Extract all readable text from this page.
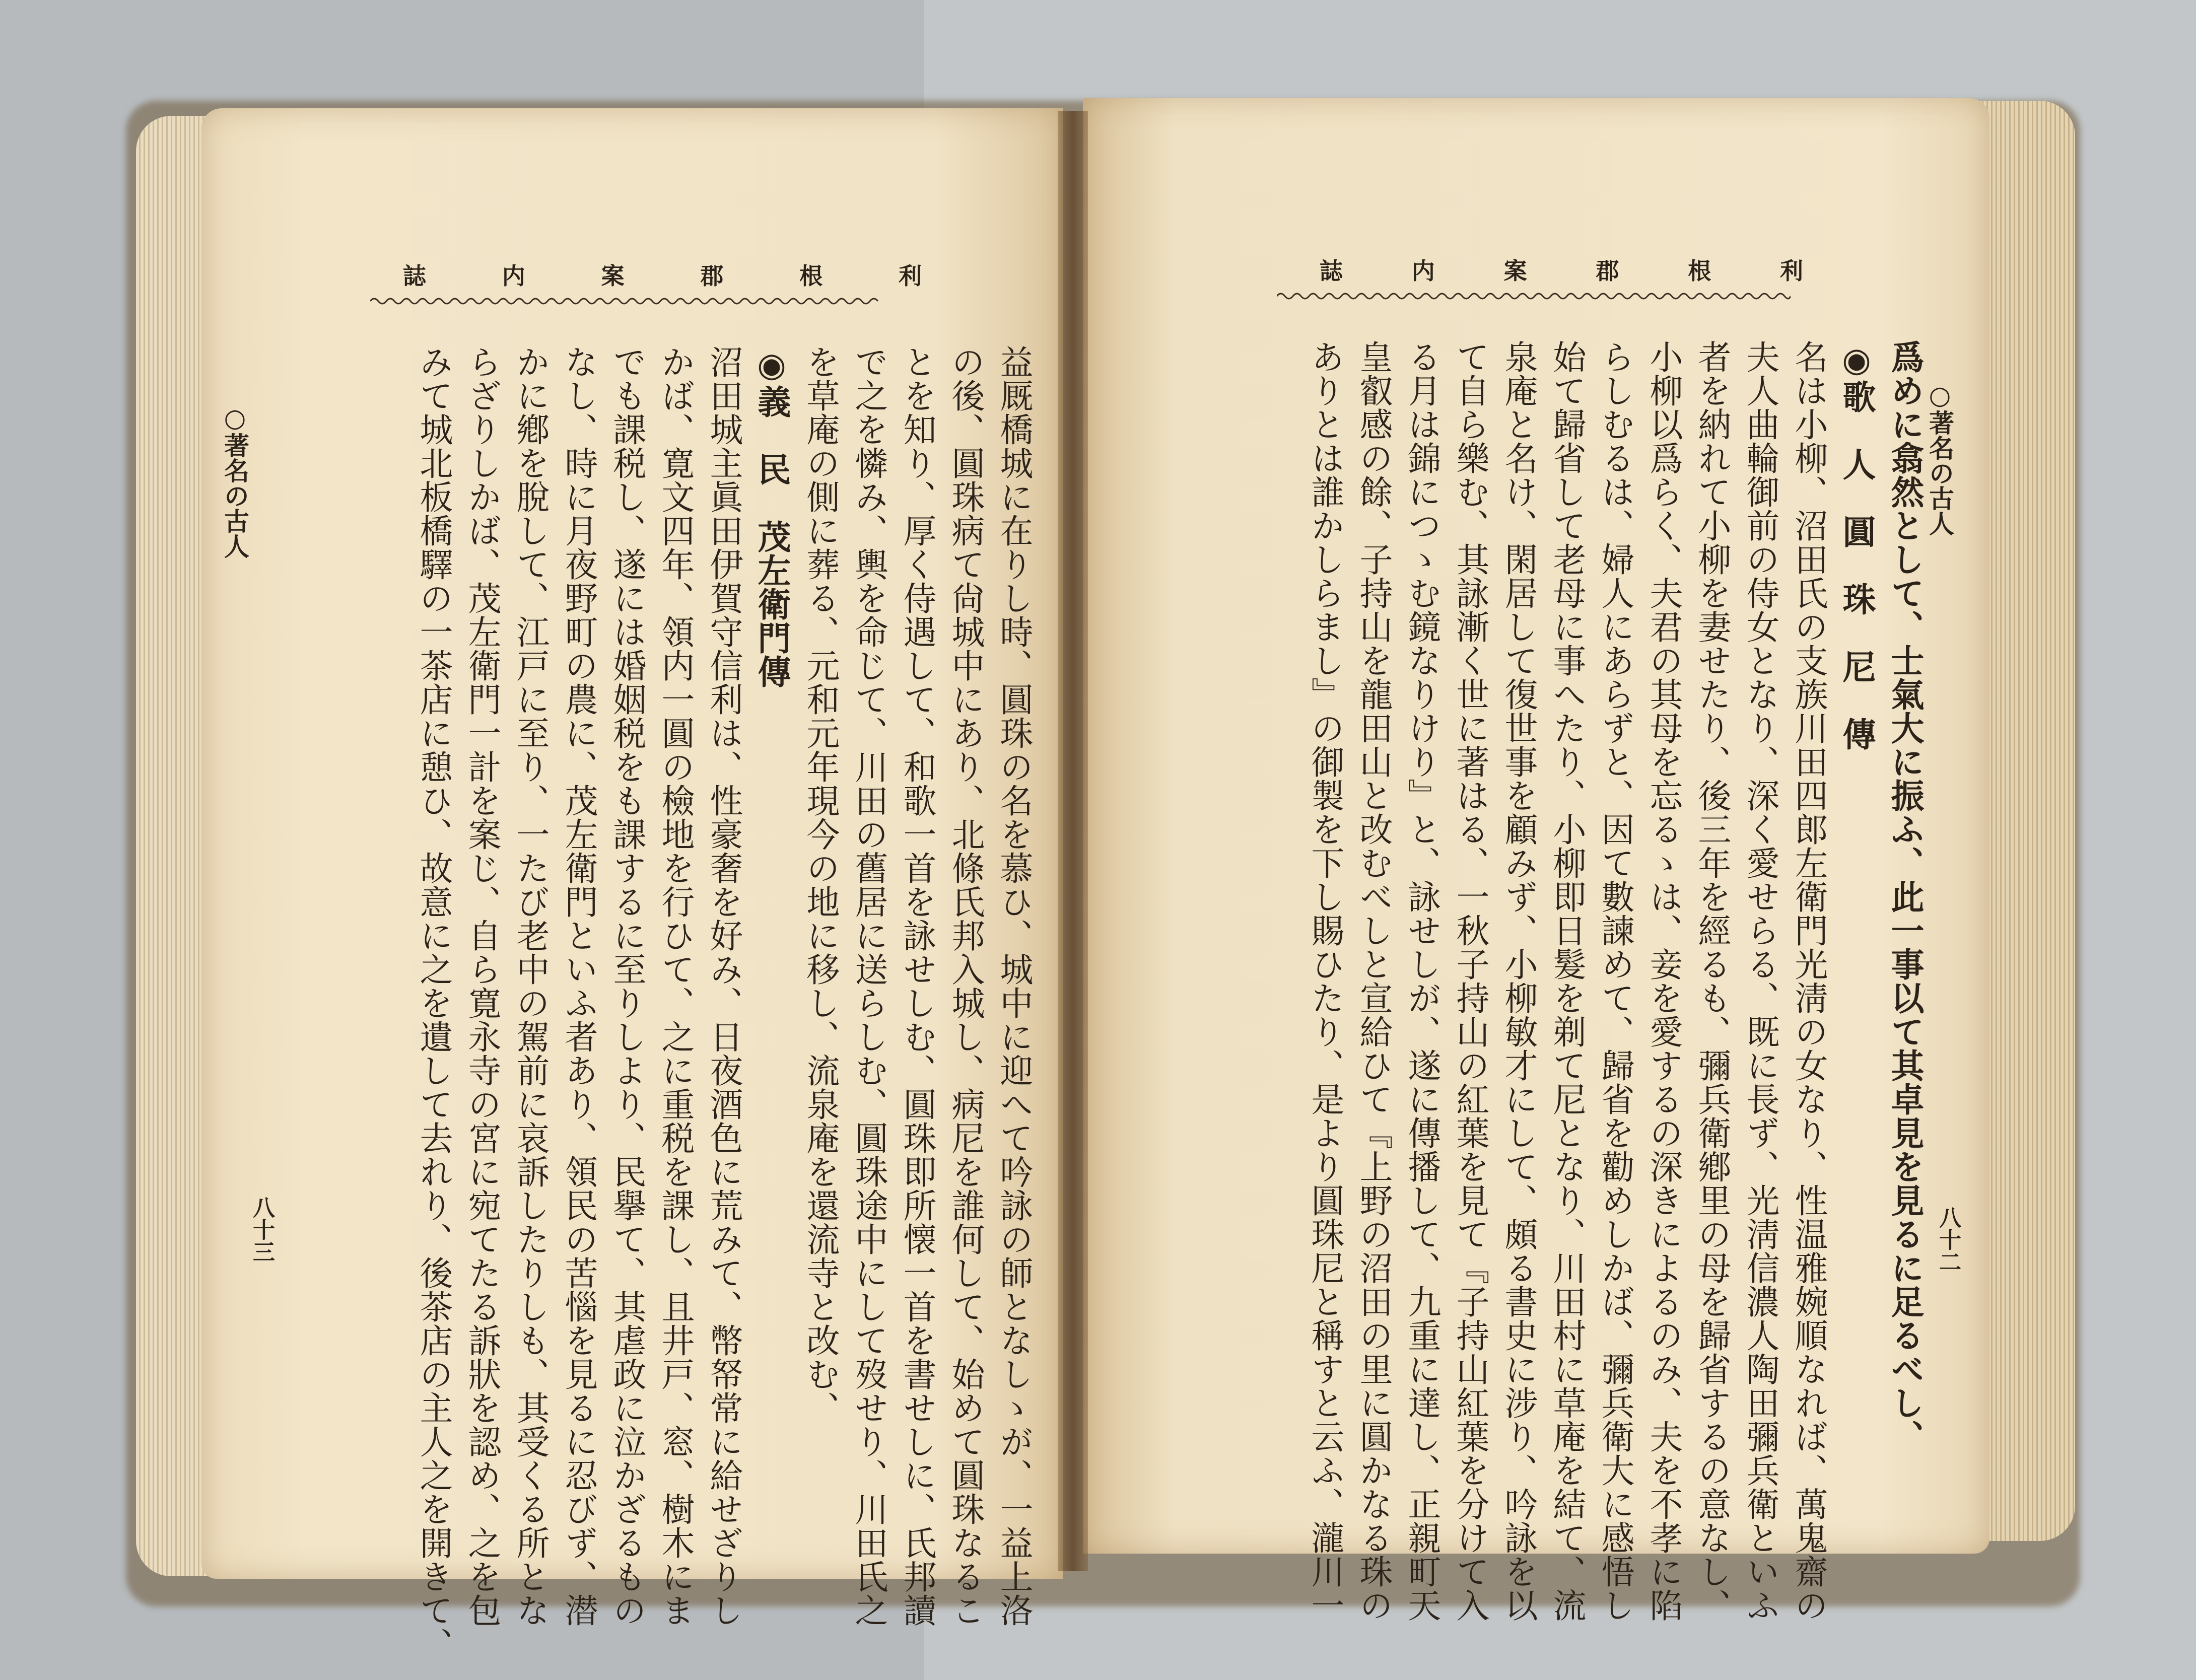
誌	内	案	郡	根	利	誌	内	案	郡	根	利

益厩橋城に在りし時、圓珠の名を慕ひ、城中に迎へて吟詠の師となしゝが、一益上洛

の後、圓珠病て尙城中にあり、北條氏邦入城し、病尼を誰何して、始めて圓珠なるこ

とを知り、厚く侍遇して、和歌一首を詠せしむ、圓珠即所懐一首を書せしに、氏邦讀

で之を憐み、輿を命じて、川田の舊居に送らしむ、圓珠途中にして歿せり、川田氏之

を草庵の側に葬る、元和元年現今の地に移し、流泉庵を還流寺と改む、

◉義　民　茂左衛門傳

沼田城主眞田伊賀守信利は、性豪奢を好み、日夜酒色に荒みて、幣帑常に給せざりし

かば、寛文四年、領内一圓の檢地を行ひて、之に重税を課し、且井戸、窓、樹木にま

でも課税し、遂には婚姻税をも課するに至りしより、民擧て、其虐政に泣かざるもの

なし、時に月夜野町の農に、茂左衛門といふ者あり、領民の苦惱を見るに忍びず、潜

かに鄕を脫して、江戸に至り、一たび老中の駕前に哀訴したりしも、其受くる所とな

らざりしかば、茂左衛門一計を案じ、自ら寛永寺の宮に宛てたる訴狀を認め、之を包

みて城北板橋驛の一茶店に憩ひ、故意に之を遺して去れり、後茶店の主人之を開きて、

○著名の古人
八十三	爲めに翕然として、士氣大に振ふ、此一事以て其卓見を見るに足るべし、

◉歌　人　圓　珠　尼　傳

名は小柳、沼田氏の支族川田四郎左衛門光淸の女なり、性温雅婉順なれば、萬鬼齋の

夫人曲輪御前の侍女となり、深く愛せらる、既に長ず、光淸信濃人陶田彌兵衛といふ

者を納れて小柳を妻せたり、後三年を經るも、彌兵衛鄕里の母を歸省するの意なし、

小柳以爲らく、夫君の其母を忘るゝは、妾を愛するの深きによるのみ、夫を不孝に陷

らしむるは、婦人にあらずと、因て數諫めて、歸省を勸めしかば、彌兵衛大に感悟し

始て歸省して老母に事へたり、小柳即日髮を剃て尼となり、川田村に草庵を結て、流

泉庵と名け、閑居して復世事を顧みず、小柳敏才にして、頗る書史に涉り、吟詠を以

て自ら樂む、其詠漸く世に著はる、一秋子持山の紅葉を見て『子持山紅葉を分けて入

る月は錦につゝむ鏡なりけり』と、詠せしが、遂に傳播して、九重に達し、正親町天

皇叡感の餘、子持山を龍田山と改むべしと宣給ひて『上野の沼田の里に圓かなる珠の

ありとは誰かしらまし』の御製を下し賜ひたり、是より圓珠尼と稱すと云ふ、瀧川一	○著名の古人
八十二
